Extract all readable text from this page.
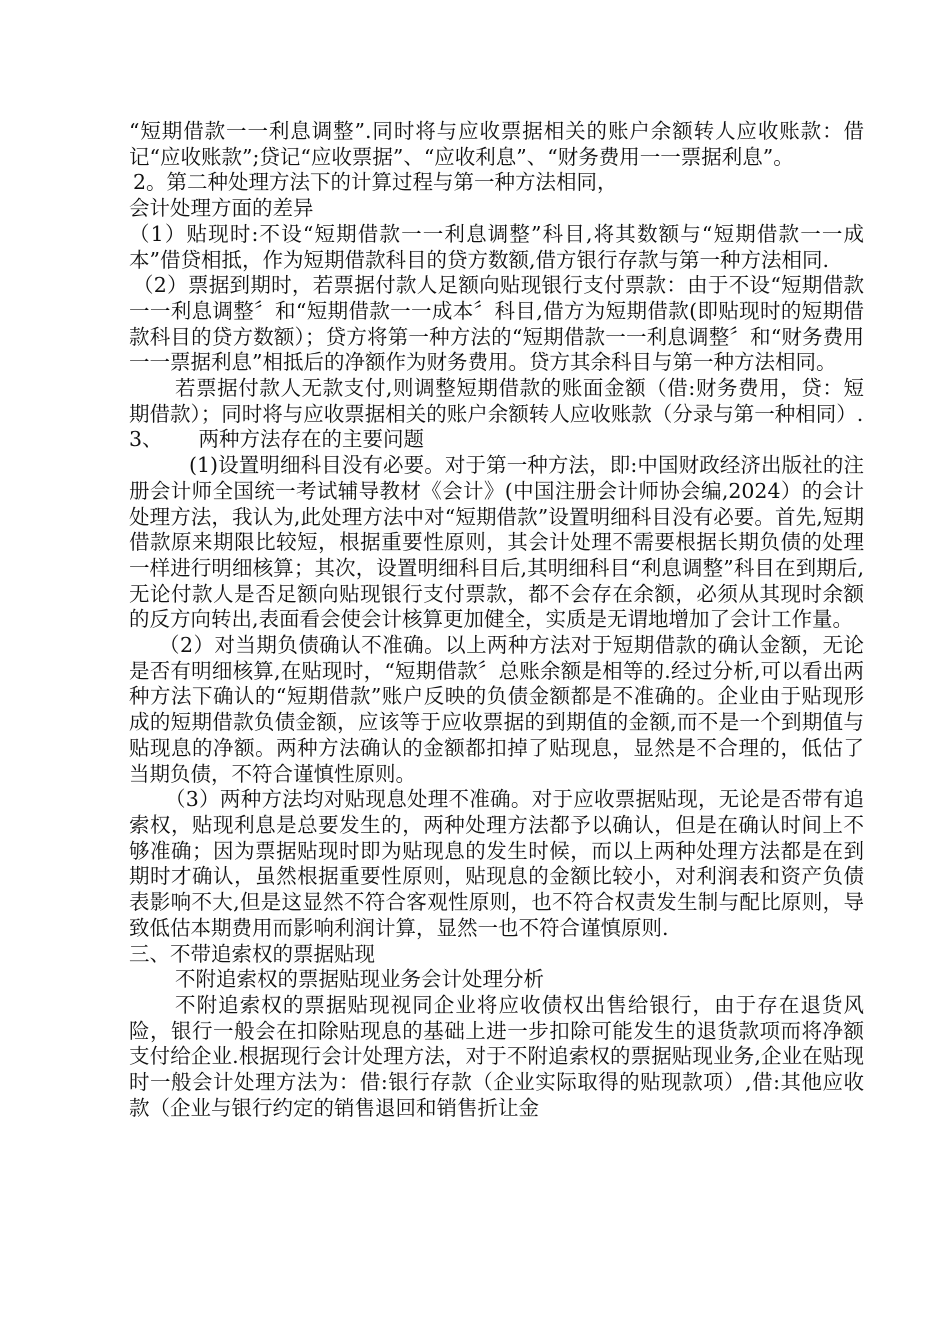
“短期借款一一利息调整”.同时将与应收票据相关的账户余额转人应收账款：借记“应收账款”;贷记“应收票据”、“应收利息”、“财务费用一一票据利息”。

2。第二种处理方法下的计算过程与第一种方法相同，

会计处理方面的差异

（1）贴现时:不设“短期借款一一利息调整”科目,将其数额与“短期借款一一成本”借贷相抵，作为短期借款科目的贷方数额,借方银行存款与第一种方法相同.

（2）票据到期时，若票据付款人足额向贴现银行支付票款：由于不设“短期借款一一利息调整〞和“短期借款一一成本〞科目,借方为短期借款(即贴现时的短期借款科目的贷方数额）；贷方将第一种方法的“短期借款一一利息调整〞和“财务费用一一票据利息”相抵后的净额作为财务费用。贷方其余科目与第一种方法相同。

若票据付款人无款支付,则调整短期借款的账面金额（借:财务费用，贷：短期借款）；同时将与应收票据相关的账户余额转人应收账款（分录与第一种相同）.

3、 两种方法存在的主要问题

(1)设置明细科目没有必要。对于第一种方法，即:中国财政经济出版社的注册会计师全国统一考试辅导教材《会计》(中国注册会计师协会编,2024）的会计处理方法，我认为,此处理方法中对“短期借款”设置明细科目没有必要。首先,短期借款原来期限比较短，根据重要性原则，其会计处理不需要根据长期负债的处理一样进行明细核算；其次，设置明细科目后,其明细科目“利息调整”科目在到期后,无论付款人是否足额向贴现银行支付票款，都不会存在余额，必须从其现时余额的反方向转出,表面看会使会计核算更加健全，实质是无谓地增加了会计工作量。

（2）对当期负债确认不准确。以上两种方法对于短期借款的确认金额，无论是否有明细核算,在贴现时，“短期借款〞总账余额是相等的.经过分析,可以看出两种方法下确认的“短期借款”账户反映的负债金额都是不准确的。企业由于贴现形成的短期借款负债金额，应该等于应收票据的到期值的金额,而不是一个到期值与贴现息的净额。两种方法确认的金额都扣掉了贴现息，显然是不合理的，低估了当期负债，不符合谨慎性原则。

（3）两种方法均对贴现息处理不准确。对于应收票据贴现，无论是否带有追索权，贴现利息是总要发生的，两种处理方法都予以确认，但是在确认时间上不够准确；因为票据贴现时即为贴现息的发生时候，而以上两种处理方法都是在到期时才确认，虽然根据重要性原则，贴现息的金额比较小，对利润表和资产负债表影响不大,但是这显然不符合客观性原则，也不符合权责发生制与配比原则，导致低估本期费用而影响利润计算，显然一也不符合谨慎原则.

三、不带追索权的票据贴现

不附追索权的票据贴现业务会计处理分析

不附追索权的票据贴现视同企业将应收债权出售给银行，由于存在退货风险，银行一般会在扣除贴现息的基础上进一步扣除可能发生的退货款项而将净额支付给企业.根据现行会计处理方法，对于不附追索权的票据贴现业务,企业在贴现时一般会计处理方法为：借:银行存款（企业实际取得的贴现款项）,借:其他应收款（企业与银行约定的销售退回和销售折让金
